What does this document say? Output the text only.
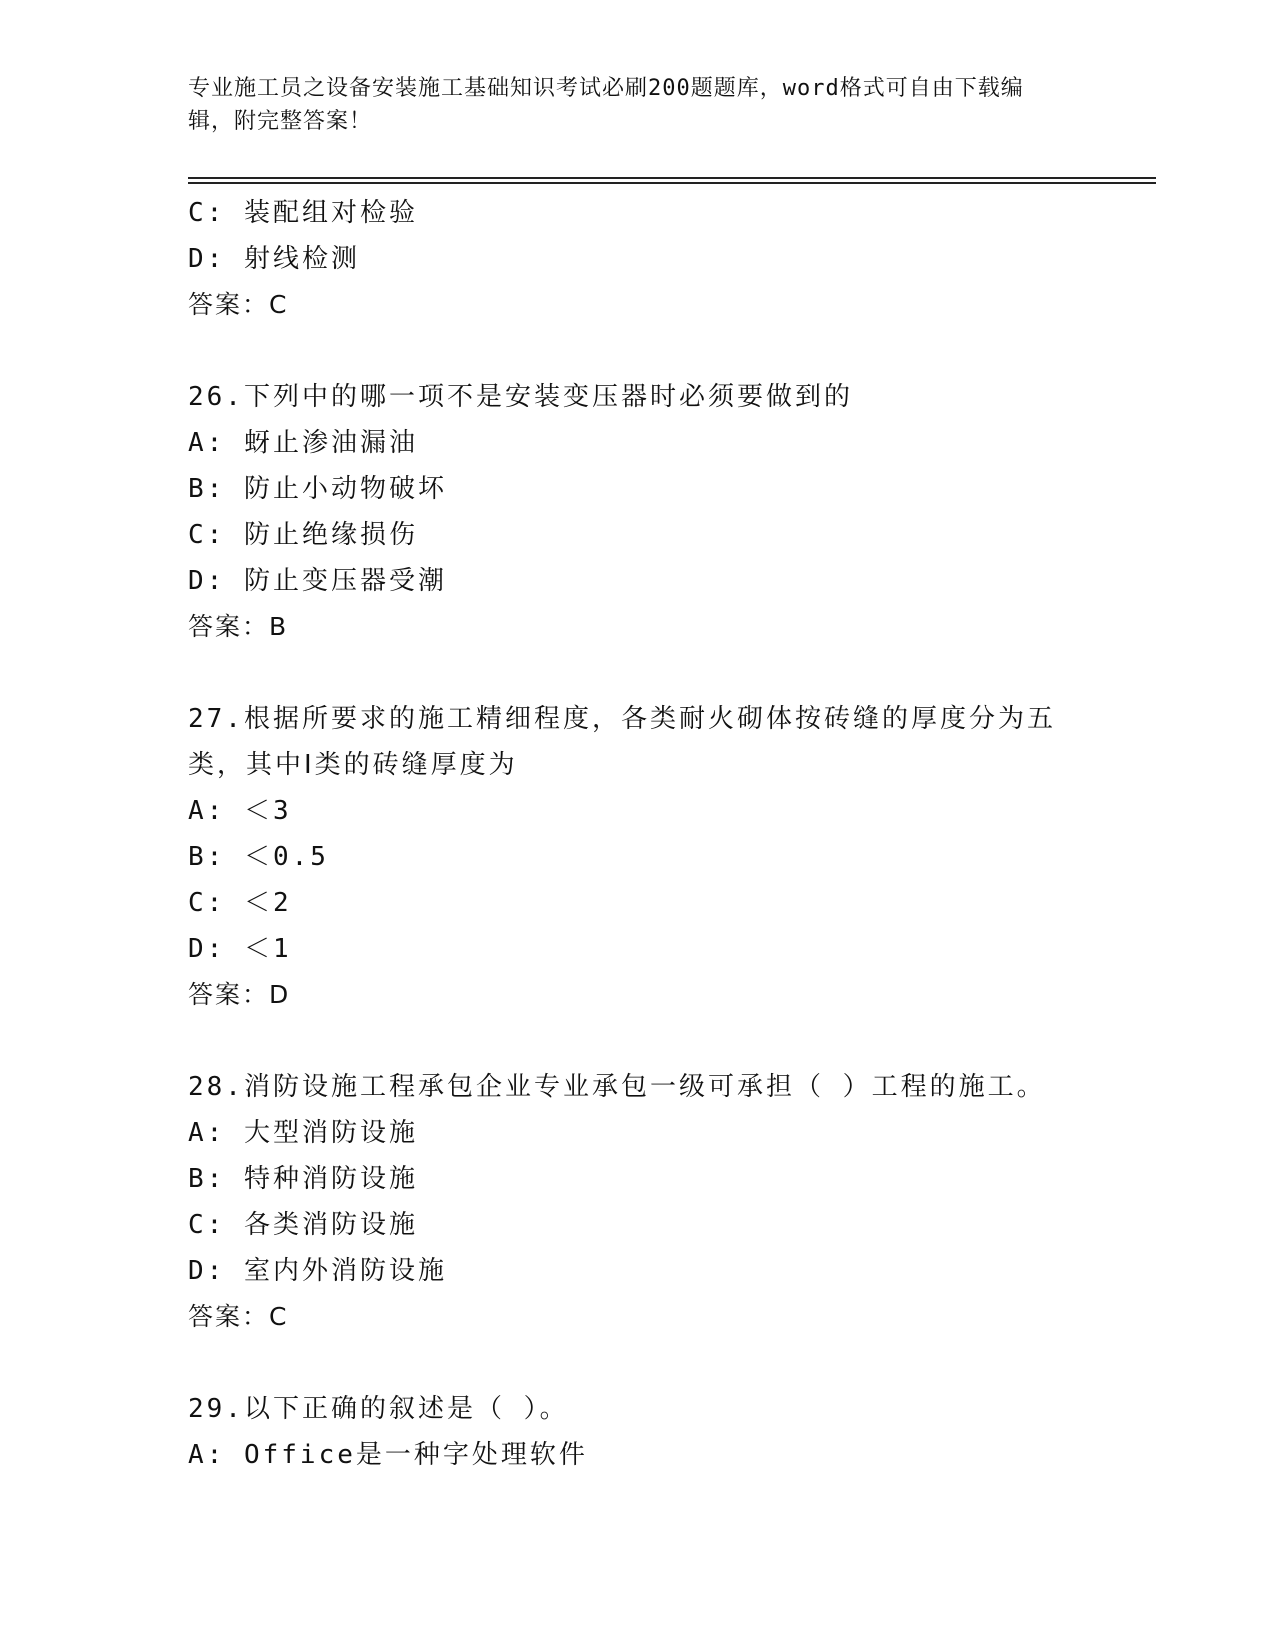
专业施工员之设备安装施工基础知识考试必刷200题题库，word格式可自由下载编辑，附完整答案！
C: 装配组对检验
D: 射线检测
答案：C
26.下列中的哪一项不是安装变压器时必须要做到的
A: 蚜止渗油漏油
B: 防止小动物破坏
C: 防止绝缘损伤
D: 防止变压器受潮
答案：B
27.根据所要求的施工精细程度，各类耐火砌体按砖缝的厚度分为五类，其中Ⅰ类的砖缝厚度为
A: ＜3
B: ＜0.5
C: ＜2
D: ＜1
答案：D
28.消防设施工程承包企业专业承包一级可承担（ ）工程的施工。
A: 大型消防设施
B: 特种消防设施
C: 各类消防设施
D: 室内外消防设施
答案：C
29.以下正确的叙述是（ ）。
A: Office是一种字处理软件
